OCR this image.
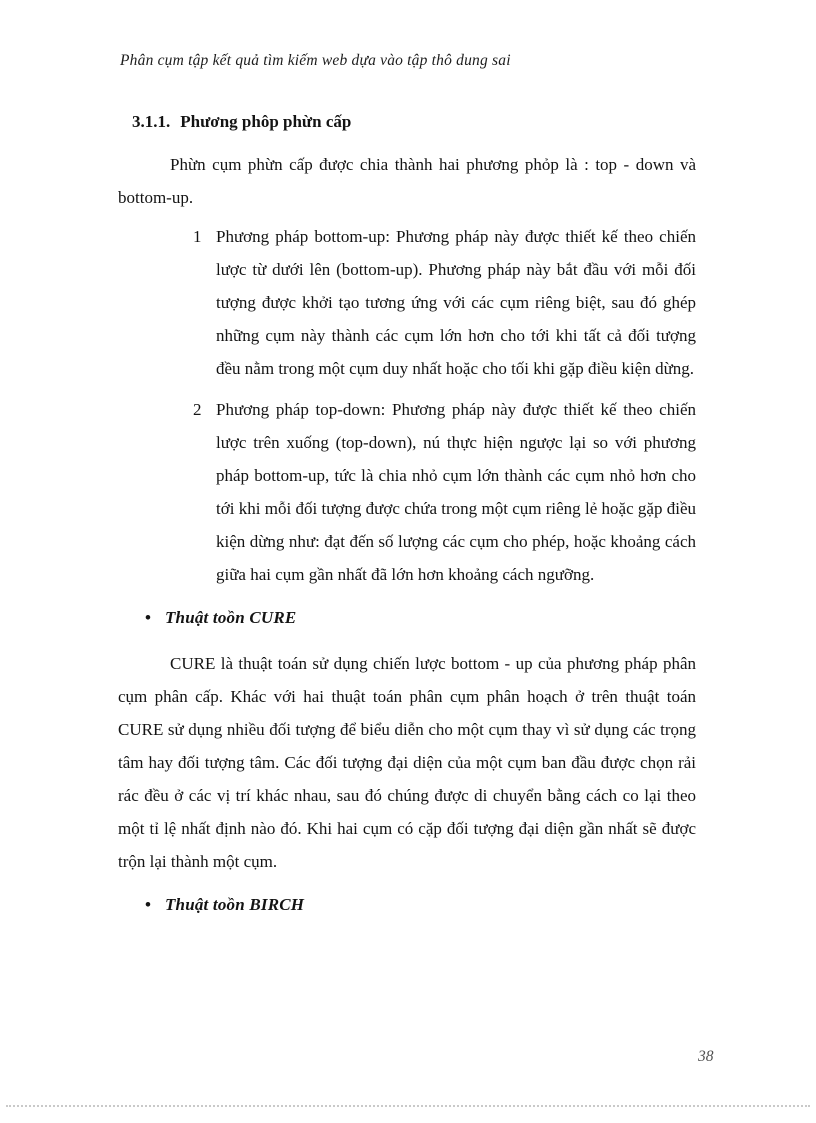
Phân cụm tập kết quả tìm kiếm web dựa vào tập thô dung sai
3.1.1. Phương phôp phừn cấp

Phừn cụm phừn cấp được chia thành hai phương phỏp là : top - down và bottom-up.

1 Phương pháp bottom-up: Phương pháp này được thiết kế theo chiến lược từ dưới lên (bottom-up). Phương pháp này bắt đầu với mỗi đối tượng được khởi tạo tương ứng với các cụm riêng biệt, sau đó ghép những cụm này thành các cụm lớn hơn cho tới khi tất cả đối tượng đều nằm trong một cụm duy nhất hoặc cho tối khi gặp điều kiện dừng.
2 Phương pháp top-down: Phương pháp này được thiết kế theo chiến lược trên xuống (top-down), nú thực hiện ngược lại so với phương pháp bottom-up, tức là chia nhỏ cụm lớn thành các cụm nhỏ hơn cho tới khi mỗi đối tượng được chứa trong một cụm riêng lẻ hoặc gặp điều kiện dừng như: đạt đến số lượng các cụm cho phép, hoặc khoảng cách giữa hai cụm gần nhất đã lớn hơn khoảng cách ngưỡng.
• Thuật toồn CURE

CURE là thuật toán sử dụng chiến lược bottom - up của phương pháp phân cụm phân cấp. Khác với hai thuật toán phân cụm phân hoạch ở trên thuật toán CURE sử dụng nhiều đối tượng để biểu diễn cho một cụm thay vì sử dụng các trọng tâm hay đối tượng tâm. Các đối tượng đại diện của một cụm ban đầu được chọn rải rác đều ở các vị trí khác nhau, sau đó chúng được di chuyển bằng cách co lại theo một tỉ lệ nhất định nào đó. Khi hai cụm có cặp đối tượng đại diện gần nhất sẽ được trộn lại thành một cụm.

• Thuật toồn BIRCH
38
